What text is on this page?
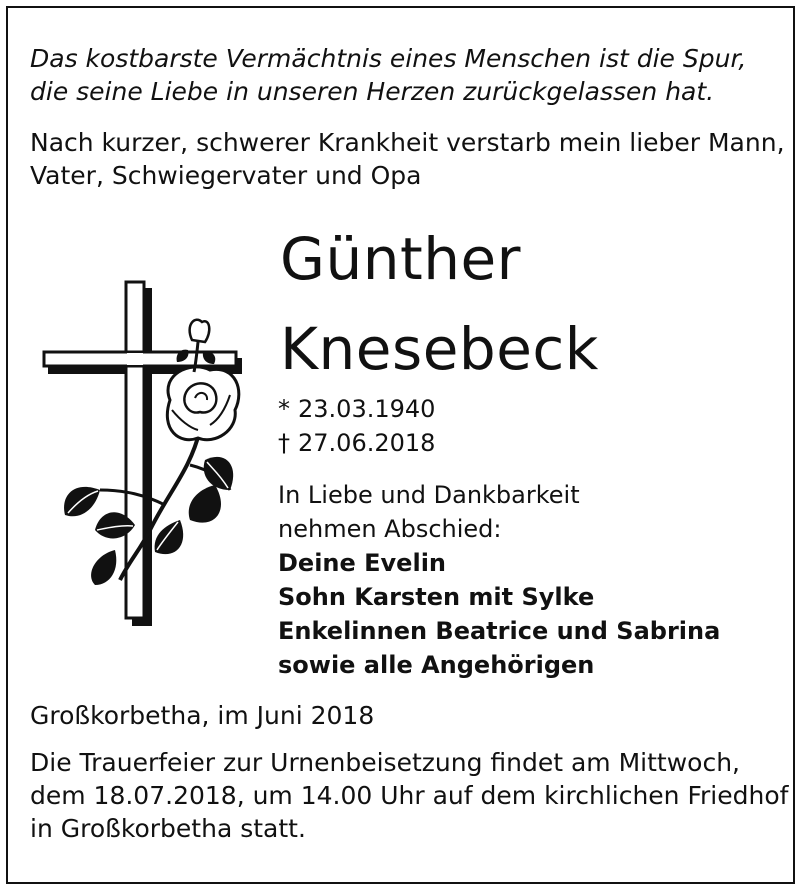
Das kostbarste Vermächtnis eines Menschen ist die Spur,
die seine Liebe in unseren Herzen zurückgelassen hat.
Nach kurzer, schwerer Krankheit verstarb mein lieber Mann,
Vater, Schwiegervater und Opa
Günther
Knesebeck
* 23.03.1940
† 27.06.2018
In Liebe und Dankbarkeit
nehmen Abschied:
Deine Evelin
Sohn Karsten mit Sylke
Enkelinnen Beatrice und Sabrina
sowie alle Angehörigen
Großkorbetha, im Juni 2018
Die Trauerfeier zur Urnenbeisetzung findet am Mittwoch,
dem 18.07.2018, um 14.00 Uhr auf dem kirchlichen Friedhof
in Großkorbetha statt.
